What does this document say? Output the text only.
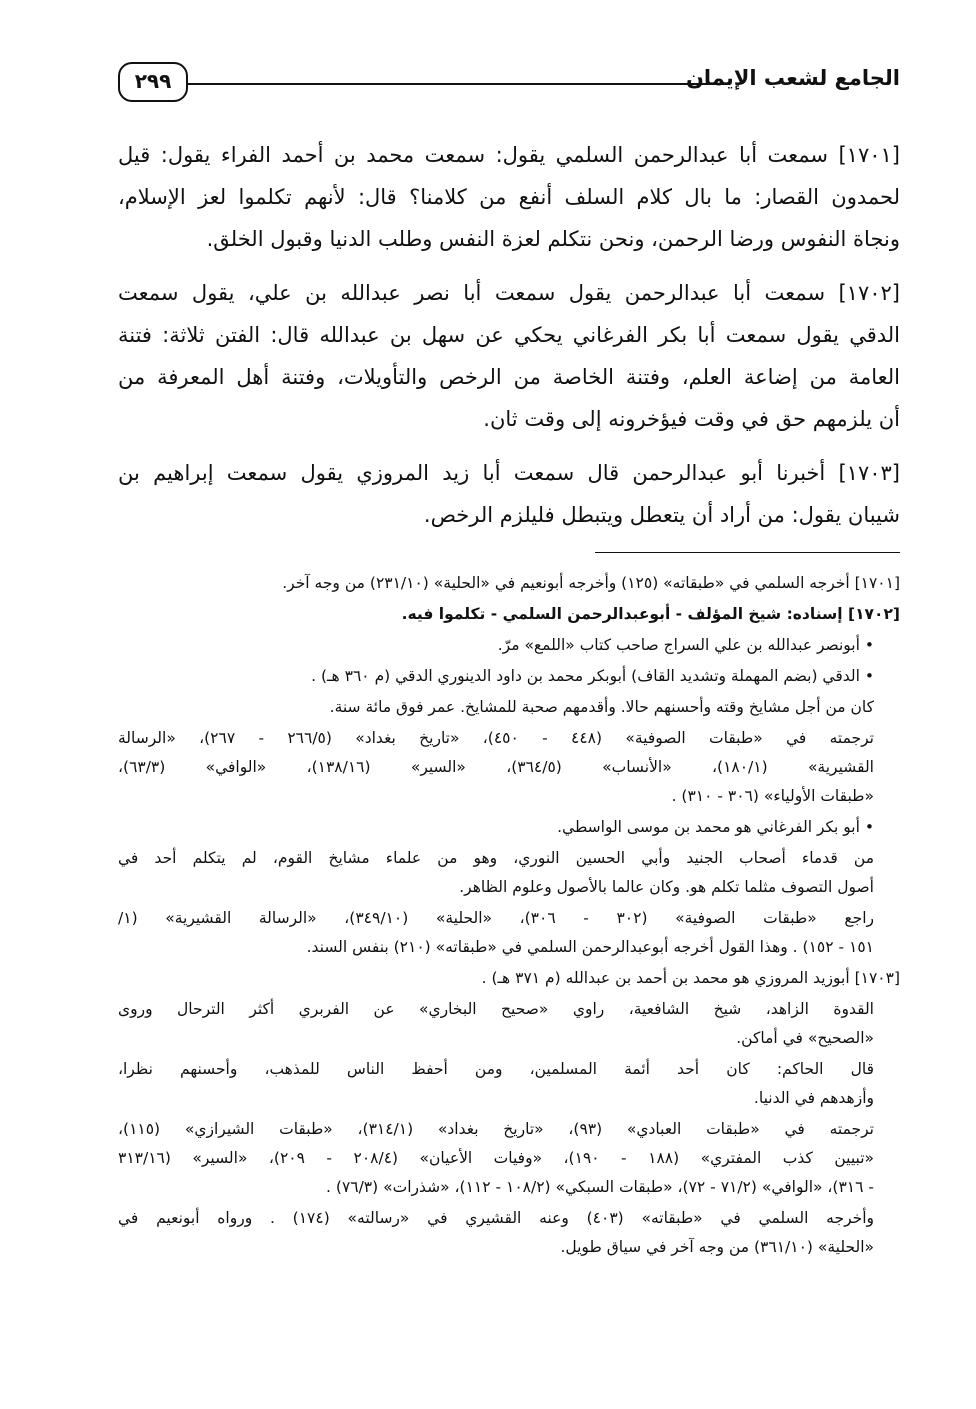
٢٩٩	الجامع لشعب الإيمان
[١٧٠١] سمعت أبا عبدالرحمن السلمي يقول: سمعت محمد بن أحمد الفراء يقول: قيل
لحمدون القصار: ما بال كلام السلف أنفع من كلامنا؟ قال: لأنهم تكلموا لعز الإسلام،
ونجاة النفوس ورضا الرحمن، ونحن نتكلم لعزة النفس وطلب الدنيا وقبول الخلق.
[١٧٠٢] سمعت أبا عبدالرحمن يقول سمعت أبا نصر عبدالله بن علي، يقول سمعت
الدقي يقول سمعت أبا بكر الفرغاني يحكي عن سهل بن عبدالله قال: الفتن ثلاثة: فتنة
العامة من إضاعة العلم، وفتنة الخاصة من الرخص والتأويلات، وفتنة أهل المعرفة من
أن يلزمهم حق في وقت فيؤخرونه إلى وقت ثان.
[١٧٠٣] أخبرنا أبو عبدالرحمن قال سمعت أبا زيد المروزي يقول سمعت إبراهيم بن
شيبان يقول: من أراد أن يتعطل ويتبطل فليلزم الرخص.
[١٧٠١] أخرجه السلمي في «طبقاته» (١٢٥) وأخرجه أبونعيم في «الحلية» (٢٣١/١٠) من وجه آخر.
[١٧٠٢] إسناده: شيخ المؤلف - أبوعبدالرحمن السلمي - تكلموا فيه.
• أبونصر عبدالله بن علي السراج صاحب كتاب «اللمع» مرّ.
• الدقي (بضم المهملة وتشديد القاف) أبوبكر محمد بن داود الدينوري الدقي (م ٣٦٠ هـ) .
كان من أجل مشايخ وقته وأحسنهم حالا. وأقدمهم صحبة للمشايخ. عمر فوق مائة سنة.
ترجمته في «طبقات الصوفية» (٤٤٨ - ٤٥٠)، «تاريخ بغداد» (٢٦٦/٥ - ٢٦٧)، «الرسالة
القشيرية» (١٨٠/١)، «الأنساب» (٣٦٤/٥)، «السير» (١٣٨/١٦)، «الوافي» (٦٣/٣)،
«طبقات الأولياء» (٣٠٦ - ٣١٠) .
• أبو بكر الفرغاني هو محمد بن موسى الواسطي.
من قدماء أصحاب الجنيد وأبي الحسين النوري، وهو من علماء مشايخ القوم، لم يتكلم أحد في
أصول التصوف مثلما تكلم هو. وكان عالما بالأصول وعلوم الظاهر.
راجع «طبقات الصوفية» (٣٠٢ - ٣٠٦)، «الحلية» (٣٤٩/١٠)، «الرسالة القشيرية» (١/
١٥١ - ١٥٢) . وهذا القول أخرجه أبوعبدالرحمن السلمي في «طبقاته» (٢١٠) بنفس السند.
[١٧٠٣] أبوزيد المروزي هو محمد بن أحمد بن عبدالله (م ٣٧١ هـ) .
القدوة الزاهد، شيخ الشافعية، راوي «صحيح البخاري» عن الفربري أكثر الترحال وروى
«الصحيح» في أماكن.
قال الحاكم: كان أحد أئمة المسلمين، ومن أحفظ الناس للمذهب، وأحسنهم نظرا،
وأزهدهم في الدنيا.
ترجمته في «طبقات العبادي» (٩٣)، «تاريخ بغداد» (٣١٤/١)، «طبقات الشيرازي» (١١٥)،
«تبيين كذب المفتري» (١٨٨ - ١٩٠)، «وفيات الأعيان» (٢٠٨/٤ - ٢٠٩)، «السير» (٣١٣/١٦
- ٣١٦)، «الوافي» (٧١/٢ - ٧٢)، «طبقات السبكي» (١٠٨/٢ - ١١٢)، «شذرات» (٧٦/٣) .
وأخرجه السلمي في «طبقاته» (٤٠٣) وعنه القشيري في «رسالته» (١٧٤) . ورواه أبونعيم في
«الحلية» (٣٦١/١٠) من وجه آخر في سياق طويل.
